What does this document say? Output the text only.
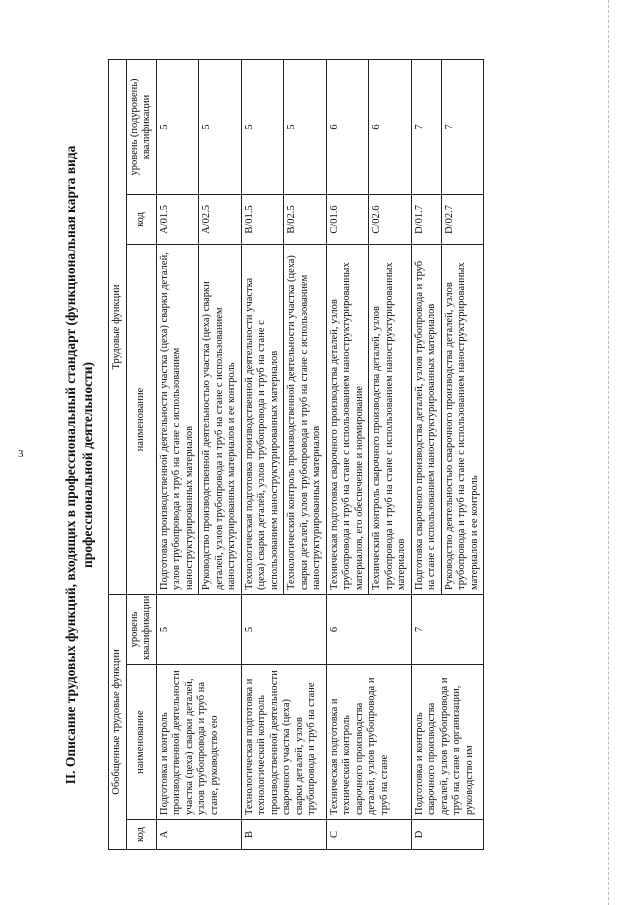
3	II. Описание трудовых функций, входящих в профессиональный стандарт (функциональная карта вида профессиональной деятельности)
Обобщенные трудовые функции			Трудовые функции		
код	наименование	уровень квалификации	наименование	код	уровень (подуровень) квалификации
A	Подготовка и контроль производственной деятельности участка (цеха) сварки деталей, узлов трубопровода и труб на стане, руководство ею	5	Подготовка производственной деятельности участка (цеха) сварки деталей, узлов трубопровода и труб на стане с использованием наноструктурированных материалов	A/01.5	5
			Руководство производственной деятельностью участка (цеха) сварки деталей, узлов трубопровода и труб на стане с использованием наноструктурированных материалов и ее контроль	A/02.5	5
B	Технологическая подготовка и технологический контроль производственной деятельности сварочного участка (цеха) сварки деталей, узлов трубопровода и труб на стане	5	Технологическая подготовка производственной деятельности участка (цеха) сварки деталей, узлов трубопровода и труб на стане с использованием наноструктурированных материалов	B/01.5	5
			Технологический контроль производственной деятельности участка (цеха) сварки деталей, узлов трубопровода и труб на стане с использованием наноструктурированных материалов	B/02.5	5
C	Техническая подготовка и технический контроль сварочного производства деталей, узлов трубопровода и труб на стане	6	Техническая подготовка сварочного производства деталей, узлов трубопровода и труб на стане с использованием наноструктурированных материалов, его обеспечение и нормирование	C/01.6	6
			Технический контроль сварочного производства деталей, узлов трубопровода и труб на стане с использованием наноструктурированных материалов	C/02.6	6
D	Подготовка и контроль сварочного производства деталей, узлов трубопровода и труб на стане в организации, руководство им	7	Подготовка сварочного производства деталей, узлов трубопровода и труб на стане с использованием наноструктурированных материалов	D/01.7	7
			Руководство деятельностью сварочного производства деталей, узлов трубопровода и труб на стане с использованием наноструктурированных материалов и ее контроль	D/02.7	7
